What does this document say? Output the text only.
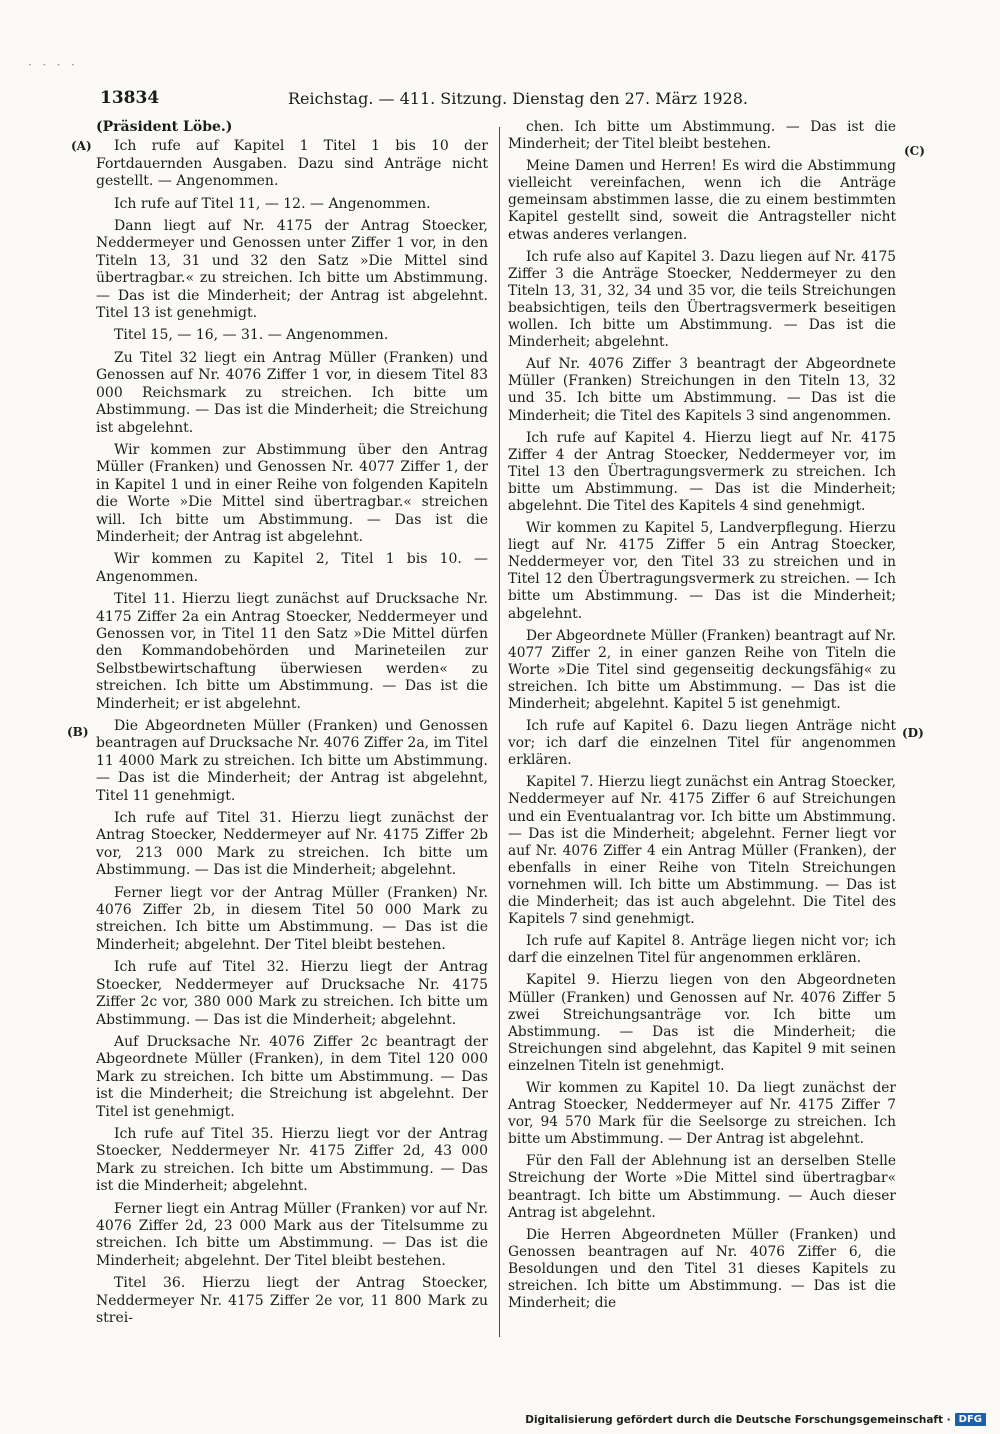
· · · ·
13834	Reichstag. — 411. Sitzung. Dienstag den 27. März 1928.
(A)
(B)
(C)
(D)

(Präsident Löbe.)

Ich rufe auf Kapitel 1 Titel 1 bis 10 der Fortdauernden Ausgaben. Dazu sind Anträge nicht gestellt. — Angenommen.

Ich rufe auf Titel 11, — 12. — Angenommen.

Dann liegt auf Nr. 4175 der Antrag Stoecker, Neddermeyer und Genossen unter Ziffer 1 vor, in den Titeln 13, 31 und 32 den Satz »Die Mittel sind übertragbar.« zu streichen. Ich bitte um Abstimmung. — Das ist die Minderheit; der Antrag ist abgelehnt. Titel 13 ist genehmigt.

Titel 15, — 16, — 31. — Angenommen.

Zu Titel 32 liegt ein Antrag Müller (Franken) und Genossen auf Nr. 4076 Ziffer 1 vor, in diesem Titel 83 000 Reichsmark zu streichen. Ich bitte um Abstimmung. — Das ist die Minderheit; die Streichung ist abgelehnt.

Wir kommen zur Abstimmung über den Antrag Müller (Franken) und Genossen Nr. 4077 Ziffer 1, der in Kapitel 1 und in einer Reihe von folgenden Kapiteln die Worte »Die Mittel sind übertragbar.« streichen will. Ich bitte um Abstimmung. — Das ist die Minderheit; der Antrag ist abgelehnt.

Wir kommen zu Kapitel 2, Titel 1 bis 10. — Angenommen.

Titel 11. Hierzu liegt zunächst auf Drucksache Nr. 4175 Ziffer 2a ein Antrag Stoecker, Neddermeyer und Genossen vor, in Titel 11 den Satz »Die Mittel dürfen den Kommandobehörden und Marineteilen zur Selbstbewirtschaftung überwiesen werden« zu streichen. Ich bitte um Abstimmung. — Das ist die Minderheit; er ist abgelehnt.

Die Abgeordneten Müller (Franken) und Genossen beantragen auf Drucksache Nr. 4076 Ziffer 2a, im Titel 11 4000 Mark zu streichen. Ich bitte um Abstimmung. — Das ist die Minderheit; der Antrag ist abgelehnt, Titel 11 genehmigt.

Ich rufe auf Titel 31. Hierzu liegt zunächst der Antrag Stoecker, Neddermeyer auf Nr. 4175 Ziffer 2b vor, 213 000 Mark zu streichen. Ich bitte um Abstimmung. — Das ist die Minderheit; abgelehnt.

Ferner liegt vor der Antrag Müller (Franken) Nr. 4076 Ziffer 2b, in diesem Titel 50 000 Mark zu streichen. Ich bitte um Abstimmung. — Das ist die Minderheit; abgelehnt. Der Titel bleibt bestehen.

Ich rufe auf Titel 32. Hierzu liegt der Antrag Stoecker, Neddermeyer auf Drucksache Nr. 4175 Ziffer 2c vor, 380 000 Mark zu streichen. Ich bitte um Abstimmung. — Das ist die Minderheit; abgelehnt.

Auf Drucksache Nr. 4076 Ziffer 2c beantragt der Abgeordnete Müller (Franken), in dem Titel 120 000 Mark zu streichen. Ich bitte um Abstimmung. — Das ist die Minderheit; die Streichung ist abgelehnt. Der Titel ist genehmigt.

Ich rufe auf Titel 35. Hierzu liegt vor der Antrag Stoecker, Neddermeyer Nr. 4175 Ziffer 2d, 43 000 Mark zu streichen. Ich bitte um Abstimmung. — Das ist die Minderheit; abgelehnt.

Ferner liegt ein Antrag Müller (Franken) vor auf Nr. 4076 Ziffer 2d, 23 000 Mark aus der Titelsumme zu streichen. Ich bitte um Abstimmung. — Das ist die Minderheit; abgelehnt. Der Titel bleibt bestehen.

Titel 36. Hierzu liegt der Antrag Stoecker, Neddermeyer Nr. 4175 Ziffer 2e vor, 11 800 Mark zu strei-

chen. Ich bitte um Abstimmung. — Das ist die Minderheit; der Titel bleibt bestehen.

Meine Damen und Herren! Es wird die Abstimmung vielleicht vereinfachen, wenn ich die Anträge gemeinsam abstimmen lasse, die zu einem bestimmten Kapitel gestellt sind, soweit die Antragsteller nicht etwas anderes verlangen.

Ich rufe also auf Kapitel 3. Dazu liegen auf Nr. 4175 Ziffer 3 die Anträge Stoecker, Neddermeyer zu den Titeln 13, 31, 32, 34 und 35 vor, die teils Streichungen beabsichtigen, teils den Übertragsvermerk beseitigen wollen. Ich bitte um Abstimmung. — Das ist die Minderheit; abgelehnt.

Auf Nr. 4076 Ziffer 3 beantragt der Abgeordnete Müller (Franken) Streichungen in den Titeln 13, 32 und 35. Ich bitte um Abstimmung. — Das ist die Minderheit; die Titel des Kapitels 3 sind angenommen.

Ich rufe auf Kapitel 4. Hierzu liegt auf Nr. 4175 Ziffer 4 der Antrag Stoecker, Neddermeyer vor, im Titel 13 den Übertragungsvermerk zu streichen. Ich bitte um Abstimmung. — Das ist die Minderheit; abgelehnt. Die Titel des Kapitels 4 sind genehmigt.

Wir kommen zu Kapitel 5, Landverpflegung. Hierzu liegt auf Nr. 4175 Ziffer 5 ein Antrag Stoecker, Neddermeyer vor, den Titel 33 zu streichen und in Titel 12 den Übertragungsvermerk zu streichen. — Ich bitte um Abstimmung. — Das ist die Minderheit; abgelehnt.

Der Abgeordnete Müller (Franken) beantragt auf Nr. 4077 Ziffer 2, in einer ganzen Reihe von Titeln die Worte »Die Titel sind gegenseitig deckungsfähig« zu streichen. Ich bitte um Abstimmung. — Das ist die Minderheit; abgelehnt. Kapitel 5 ist genehmigt.

Ich rufe auf Kapitel 6. Dazu liegen Anträge nicht vor; ich darf die einzelnen Titel für angenommen erklären.

Kapitel 7. Hierzu liegt zunächst ein Antrag Stoecker, Neddermeyer auf Nr. 4175 Ziffer 6 auf Streichungen und ein Eventualantrag vor. Ich bitte um Abstimmung. — Das ist die Minderheit; abgelehnt. Ferner liegt vor auf Nr. 4076 Ziffer 4 ein Antrag Müller (Franken), der ebenfalls in einer Reihe von Titeln Streichungen vornehmen will. Ich bitte um Abstimmung. — Das ist die Minderheit; das ist auch abgelehnt. Die Titel des Kapitels 7 sind genehmigt.

Ich rufe auf Kapitel 8. Anträge liegen nicht vor; ich darf die einzelnen Titel für angenommen erklären.

Kapitel 9. Hierzu liegen von den Abgeordneten Müller (Franken) und Genossen auf Nr. 4076 Ziffer 5 zwei Streichungsanträge vor. Ich bitte um Abstimmung. — Das ist die Minderheit; die Streichungen sind abgelehnt, das Kapitel 9 mit seinen einzelnen Titeln ist genehmigt.

Wir kommen zu Kapitel 10. Da liegt zunächst der Antrag Stoecker, Neddermeyer auf Nr. 4175 Ziffer 7 vor, 94 570 Mark für die Seelsorge zu streichen. Ich bitte um Abstimmung. — Der Antrag ist abgelehnt.

Für den Fall der Ablehnung ist an derselben Stelle Streichung der Worte »Die Mittel sind übertragbar« beantragt. Ich bitte um Abstimmung. — Auch dieser Antrag ist abgelehnt.

Die Herren Abgeordneten Müller (Franken) und Genossen beantragen auf Nr. 4076 Ziffer 6, die Besoldungen und den Titel 31 dieses Kapitels zu streichen. Ich bitte um Abstimmung. — Das ist die Minderheit; die

Digitalisierung gefördert durch die Deutsche Forschungsgemeinschaft · DFG
